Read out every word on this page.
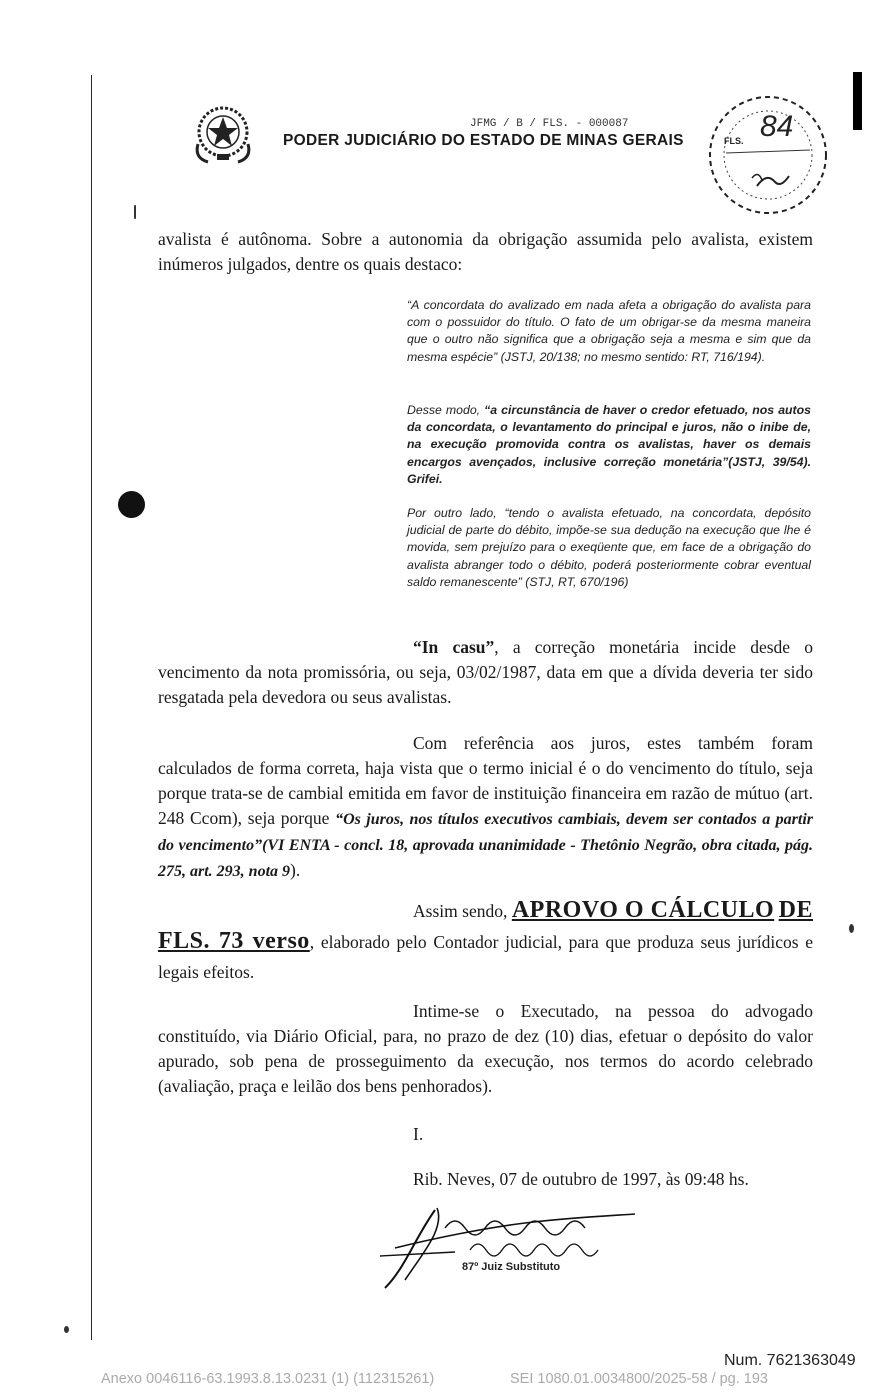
JFMG / B / FLS. - 000087
PODER JUDICIÁRIO DO ESTADO DE MINAS GERAIS	FLS. 84
avalista é autônoma. Sobre a autonomia da obrigação assumida pelo avalista, existem inúmeros julgados, dentre os quais destaco:
“A concordata do avalizado em nada afeta a obrigação do avalista para com o possuidor do título. O fato de um obrigar-se da mesma maneira que o outro não significa que a obrigação seja a mesma e sim que da mesma espécie” (JSTJ, 20/138; no mesmo sentido: RT, 716/194).
Desse modo, “a circunstância de haver o credor efetuado, nos autos da concordata, o levantamento do principal e juros, não o inibe de, na execução promovida contra os avalistas, haver os demais encargos avençados, inclusive correção monetária”(JSTJ, 39/54). Grifei.
Por outro lado, “tendo o avalista efetuado, na concordata, depósito judicial de parte do débito, impõe-se sua dedução na execução que lhe é movida, sem prejuízo para o exeqüente que, em face de a obrigação do avalista abranger todo o débito, poderá posteriormente cobrar eventual saldo remanescente” (STJ, RT, 670/196)
“In casu”, a correção monetária incide desde o vencimento da nota promissória, ou seja, 03/02/1987, data em que a dívida deveria ter sido resgatada pela devedora ou seus avalistas.
Com referência aos juros, estes também foram calculados de forma correta, haja vista que o termo inicial é o do vencimento do título, seja porque trata-se de cambial emitida em favor de instituição financeira em razão de mútuo (art. 248 Ccom), seja porque “Os juros, nos títulos executivos cambiais, devem ser contados a partir do vencimento”(VI ENTA - concl. 18, aprovada unanimidade - Thetônio Negrão, obra citada, pág. 275, art. 293, nota 9).
Assim sendo, APROVO O CÁLCULO DE FLS. 73 verso, elaborado pelo Contador judicial, para que produza seus jurídicos e legais efeitos.
Intime-se o Executado, na pessoa do advogado constituído, via Diário Oficial, para, no prazo de dez (10) dias, efetuar o depósito do valor apurado, sob pena de prosseguimento da execução, nos termos do acordo celebrado (avaliação, praça e leilão dos bens penhorados).
I.
Rib. Neves, 07 de outubro de 1997, às 09:48 hs.
87º Juiz Substituto
Num. 7621363049
Anexo 0046116-63.1993.8.13.0231 (1) (112315261)	SEI 1080.01.0034800/2025-58 / pg. 193
